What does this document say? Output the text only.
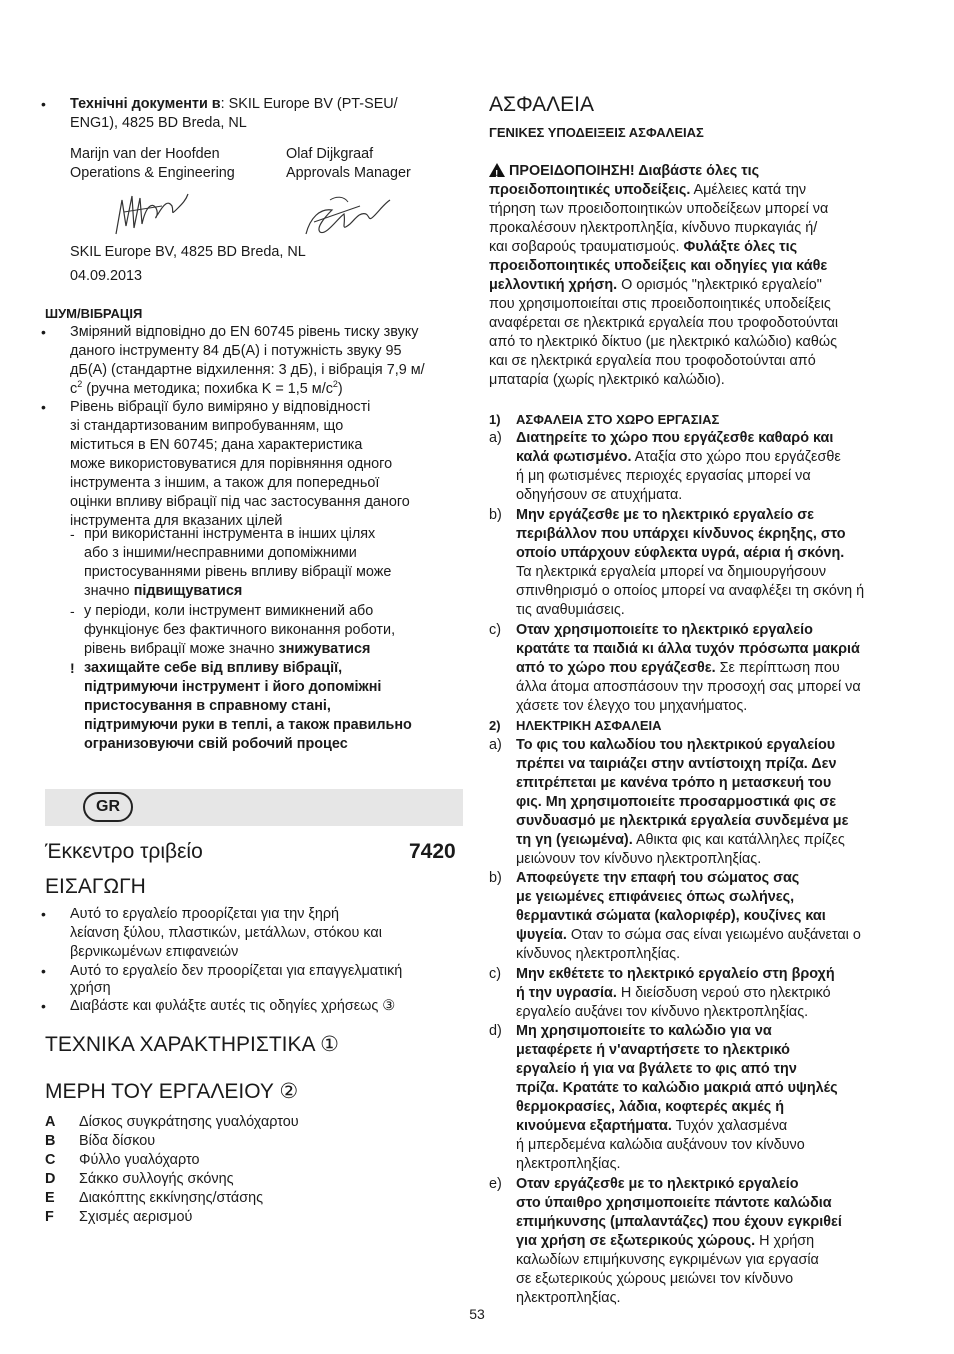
• Технічні документи в: SKIL Europe BV (PT-SEU/
ENG1), 4825 BD Breda, NL
Marijn van der Hoofden
Operations & Engineering
Olaf Dijkgraaf
Approvals Manager
SKIL Europe BV, 4825 BD Breda, NL
04.09.2013
ШУМ/ВІБРАЦІЯ
• Зміряний відповідно до EN 60745 рівень тиску звуку
даного інструменту 84 дБ(A) і потужність звуку 95
дБ(A) (стандартне відхилення: 3 дБ), і вібрація 7,9 м/
$c^2$ (ручна методика; похибка K = 1,5 $м/с^2$)
• Рівень вібрації було виміряно у відповідності
зі стандартизованим випробуванням, що
міститься в EN 60745; дана характеристика
може використовуватися для порівняння одного
інструмента з іншим, а також для попередньої
оцінки впливу вібрації під час застосування даного
інструмента для вказаних цілей
- при використанні інструмента в інших цілях
або з іншими/несправними допоміжними
пристосуваннями рівень впливу вібрації може
значно підвищуватися
- у періоди, коли інструмент вимикнений або
функціонує без фактичного виконання роботи,
рівень вибрації може значно знижуватися
! захищайте себе від впливу вібрації,
підтримуючи інструмент і його допоміжні
пристосування в справному стані,
підтримуючи руки в теплі, а також правильно
огранизовуючи свій робочий процес
GR
Έκκεντρο τριβείο	7420
ΕΙΣΑΓΩΓΗ
• Αυτό το εργαλείο προορίζεται για την ξηρή
λείανση ξύλου, πλαστικών, μετάλλων, στόκου και
βερνικωμένων επιφανειών
• Αυτό το εργαλείο δεν προορίζεται για επαγγελματική
χρήση
• Διαβάστε και φυλάξτε αυτές τις οδηγίες χρήσεως ③
ΤΕΧΝΙΚΑ ΧΑΡΑΚΤΗΡΙΣΤΙΚΑ ①
ΜΕΡΗ ΤΟΥ ΕΡΓΑΛΕΙΟΥ ②
A Δίσκος συγκράτησης γυαλόχαρτου
B Βίδα δίσκου
C Φύλλο γυαλόχαρτο
D Σάκκο συλλογής σκόνης
E Διακόπτης εκκίνησης/στάσης
F Σχισμές αερισμού
ΑΣΦΑΛΕΙΑ
ΓΕΝΙΚΕΣ ΥΠΟΔΕΙΞΕΙΣ ΑΣΦΑΛΕΙΑΣ
!ΠΡΟΕΙΔΟΠΟΙΗΣΗ! Διαβάστε όλες τις
προειδοποιητικές υποδείξεις. Αμέλειες κατά την
τήρηση των προειδοποιητικών υποδείξεων μπορεί να
προκαλέσουν ηλεκτροπληξία, κίνδυνο πυρκαγιάς ή/
και σοβαρούς τραυματισμούς. Φυλάξτε όλες τις
προειδοποιητικές υποδείξεις και οδηγίες για κάθε
μελλοντική χρήση. Ο ορισμός "ηλεκτρικό εργαλείο"
που χρησιμοποιείται στις προειδοποιητικές υποδείξεις
αναφέρεται σε ηλεκτρικά εργαλεία που τροφοδοτούνται
από το ηλεκτρικό δίκτυο (με ηλεκτρικό καλώδιο) καθώς
και σε ηλεκτρικά εργαλεία που τροφοδοτούνται από
μπαταρία (χωρίς ηλεκτρικό καλώδιο).
1) ΑΣΦΑΛΕΙΑ ΣΤΟ ΧΩΡΟ ΕΡΓΑΣΙΑΣ
a) Διατηρείτε το χώρο που εργάζεσθε καθαρό και
καλά φωτισμένο. Αταξία στο χώρο που εργάζεσθε
ή μη φωτισμένες περιοχές εργασίας μπορεί να
οδηγήσουν σε ατυχήματα.
b) Μην εργάζεσθε με το ηλεκτρικό εργαλείο σε
περιβάλλον που υπάρχει κίνδυνος έκρηξης, στο
οποίο υπάρχουν εύφλεκτα υγρά, αέρια ή σκόνη.
Τα ηλεκτρικά εργαλεία μπορεί να δημιουργήσουν
σπινθηρισμό ο οποίος μπορεί να αναφλέξει τη σκόνη ή
τις αναθυμιάσεις.
c) Οταν χρησιμοποιείτε το ηλεκτρικό εργαλείο
κρατάτε τα παιδιά κι άλλα τυχόν πρόσωπα μακριά
από το χώρο που εργάζεσθε. Σε περίπτωση που
άλλα άτομα αποσπάσουν την προσοχή σας μπορεί να
χάσετε τον έλεγχο του μηχανήματος.
2) ΗΛΕΚΤΡΙΚΗ ΑΣΦΑΛΕΙΑ
a) Το φις του καλωδίου του ηλεκτρικού εργαλείου
πρέπει να ταιριάζει στην αντίστοιχη πρίζα. Δεν
επιτρέπεται με κανένα τρόπο η μετασκευή του
φις. Μη χρησιμοποιείτε προσαρμοστικά φις σε
συνδυασμό με ηλεκτρικά εργαλεία συνδεμένα με
τη γη (γειωμένα). Αθικτα φις και κατάλληλες πρίζες
μειώνουν τον κίνδυνο ηλεκτροπληξίας.
b) Αποφεύγετε την επαφή του σώματος σας
με γειωμένες επιφάνειες όπως σωλήνες,
θερμαντικά σώματα (καλοριφέρ), κουζίνες και
ψυγεία. Οταν το σώμα σας είναι γειωμένο αυξάνεται ο
κίνδυνος ηλεκτροπληξίας.
c) Μην εκθέτετε το ηλεκτρικό εργαλείο στη βροχή
ή την υγρασία. Η διείσδυση νερού στο ηλεκτρικό
εργαλείο αυξάνει τον κίνδυνο ηλεκτροπληξίας.
d) Μη χρησιμοποιείτε το καλώδιο για να
μεταφέρετε ή ν'αναρτήσετε το ηλεκτρικό
εργαλείο ή για να βγάλετε το φις από την
πρίζα. Κρατάτε το καλώδιο μακριά από υψηλές
θερμοκρασίες, λάδια, κοφτερές ακμές ή
κινούμενα εξαρτήματα. Τυχόν χαλασμένα
ή μπερδεμένα καλώδια αυξάνουν τον κίνδυνο
ηλεκτροπληξίας.
e) Οταν εργάζεσθε με το ηλεκτρικό εργαλείο
στο ύπαιθρο χρησιμοποιείτε πάντοτε καλώδια
επιμήκυνσης (μπαλαντάζες) που έχουν εγκριθεί
για χρήση σε εξωτερικούς χώρους. Η χρήση
καλωδίων επιμήκυνσης εγκριμένων για εργασία
σε εξωτερικούς χώρους μειώνει τον κίνδυνο
ηλεκτροπληξίας.
53
